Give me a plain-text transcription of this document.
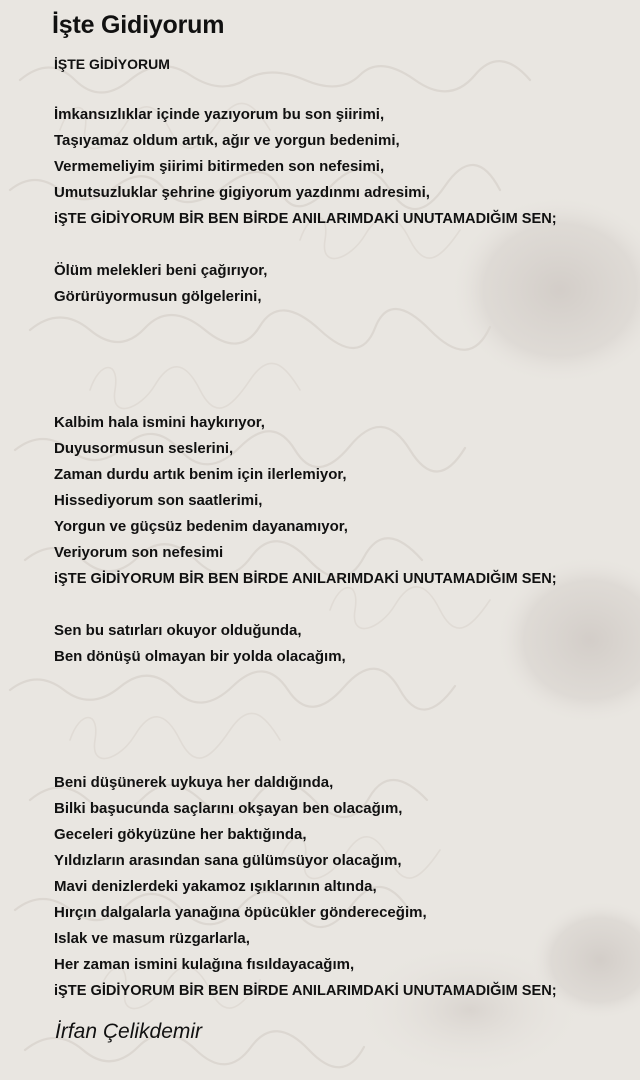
İşte Gidiyorum
İŞTE GİDİYORUM
İmkansızlıklar içinde yazıyorum bu son şiirimi,
Taşıyamaz oldum artık, ağır ve yorgun bedenimi,
Vermemeliyim şiirimi bitirmeden son nefesimi,
Umutsuzluklar şehrine gigiyorum yazdınmı adresimi,
iŞTE GİDİYORUM BİR BEN BİRDE ANILARIMDAKİ UNUTAMADIĞIM SEN;
Ölüm melekleri beni çağırıyor,
Görürüyormusun gölgelerini,
Kalbim hala ismini haykırıyor,
Duyusormusun seslerini,
Zaman durdu artık benim için ilerlemiyor,
Hissediyorum son saatlerimi,
Yorgun ve güçsüz bedenim dayanamıyor,
Veriyorum son nefesimi
iŞTE GİDİYORUM BİR BEN BİRDE ANILARIMDAKİ UNUTAMADIĞIM SEN;
Sen bu satırları okuyor olduğunda,
Ben dönüşü olmayan bir yolda olacağım,
Beni düşünerek uykuya her daldığında,
Bilki başucunda saçlarını okşayan ben olacağım,
Geceleri gökyüzüne her baktığında,
Yıldızların arasından sana gülümsüyor olacağım,
Mavi denizlerdeki yakamoz ışıklarının altında,
Hırçın dalgalarla yanağına öpücükler göndereceğim,
Islak ve masum rüzgarlarla,
Her zaman ismini kulağına fısıldayacağım,
iŞTE GİDİYORUM BİR BEN BİRDE ANILARIMDAKİ UNUTAMADIĞIM SEN;
İrfan Çelikdemir
